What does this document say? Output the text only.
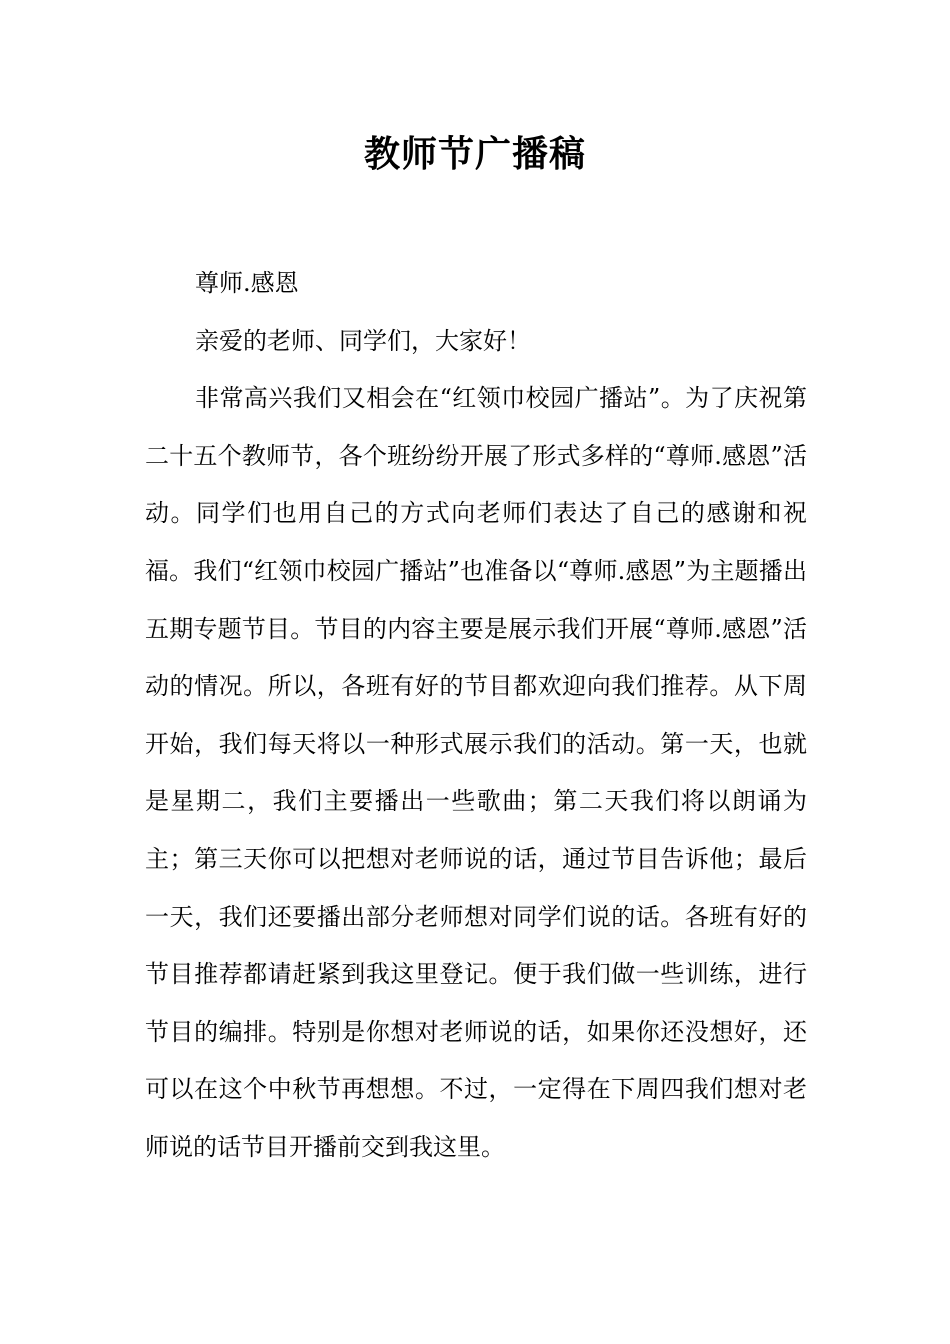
教师节广播稿

尊师.感恩

亲爱的老师、同学们，大家好！

非常高兴我们又相会在“红领巾校园广播站”。为了庆祝第二十五个教师节，各个班纷纷开展了形式多样的“尊师.感恩”活动。同学们也用自己的方式向老师们表达了自己的感谢和祝福。我们“红领巾校园广播站”也准备以“尊师.感恩”为主题播出五期专题节目。节目的内容主要是展示我们开展“尊师.感恩”活动的情况。所以，各班有好的节目都欢迎向我们推荐。从下周开始，我们每天将以一种形式展示我们的活动。第一天，也就是星期二，我们主要播出一些歌曲；第二天我们将以朗诵为主；第三天你可以把想对老师说的话，通过节目告诉他；最后一天，我们还要播出部分老师想对同学们说的话。各班有好的节目推荐都请赶紧到我这里登记。便于我们做一些训练，进行节目的编排。特别是你想对老师说的话，如果你还没想好，还可以在这个中秋节再想想。不过，一定得在下周四我们想对老师说的话节目开播前交到我这里。
